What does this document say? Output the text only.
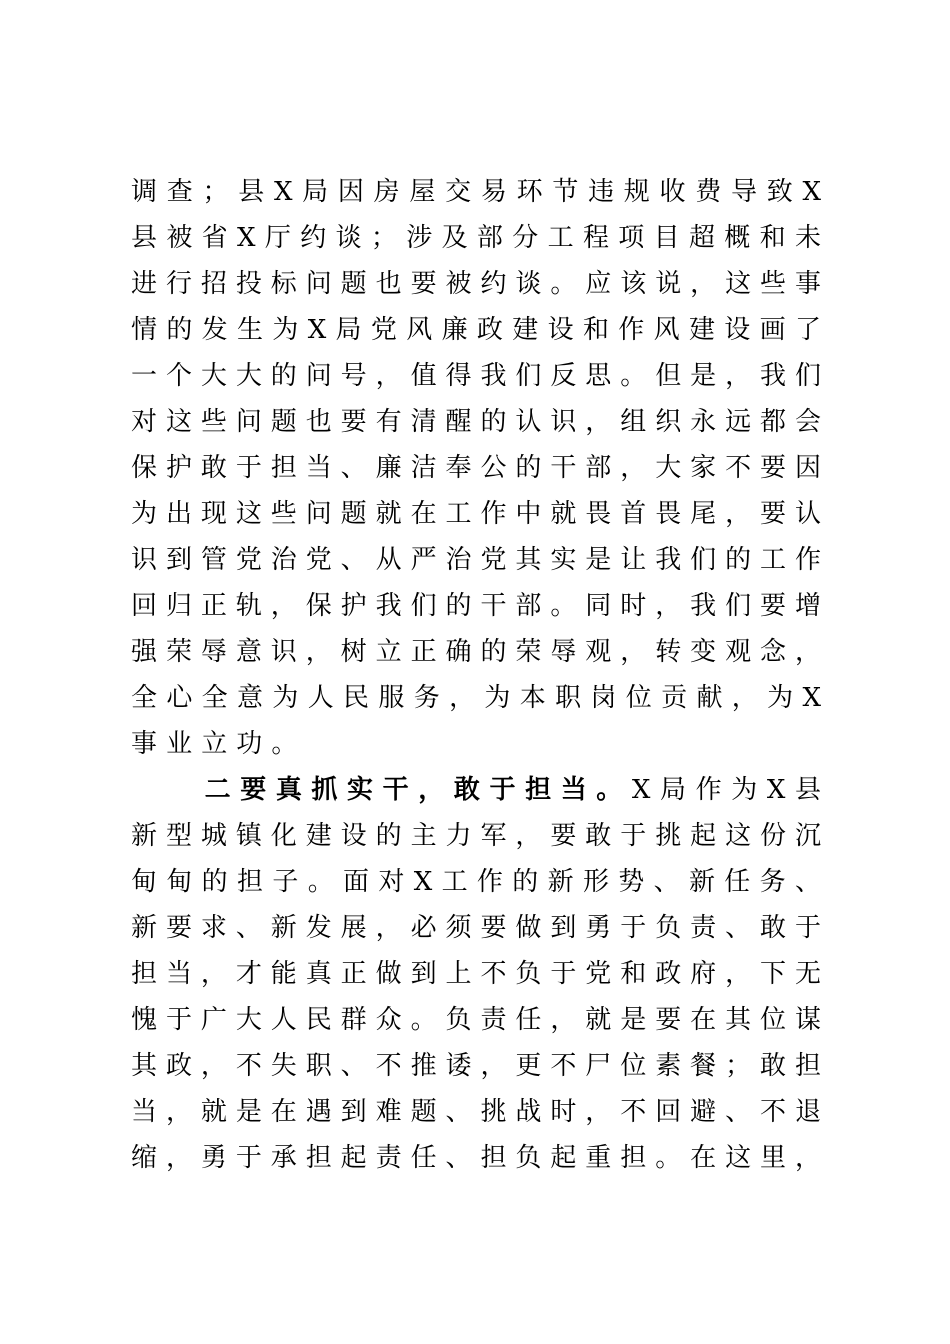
调查；县X局因房屋交易环节违规收费导致X
县被省X厅约谈；涉及部分工程项目超概和未
进行招投标问题也要被约谈。应该说，这些事
情的发生为X局党风廉政建设和作风建设画了
一个大大的问号，值得我们反思。但是，我们
对这些问题也要有清醒的认识，组织永远都会
保护敢于担当、廉洁奉公的干部，大家不要因
为出现这些问题就在工作中就畏首畏尾，要认
识到管党治党、从严治党其实是让我们的工作
回归正轨，保护我们的干部。同时，我们要增
强荣辱意识，树立正确的荣辱观，转变观念，
全心全意为人民服务，为本职岗位贡献，为X
事业立功。
二要真抓实干，敢于担当。X局作为X县
新型城镇化建设的主力军，要敢于挑起这份沉
甸甸的担子。面对X工作的新形势、新任务、
新要求、新发展，必须要做到勇于负责、敢于
担当，才能真正做到上不负于党和政府，下无
愧于广大人民群众。负责任，就是要在其位谋
其政，不失职、不推诿，更不尸位素餐；敢担
当，就是在遇到难题、挑战时，不回避、不退
缩，勇于承担起责任、担负起重担。在这里，
